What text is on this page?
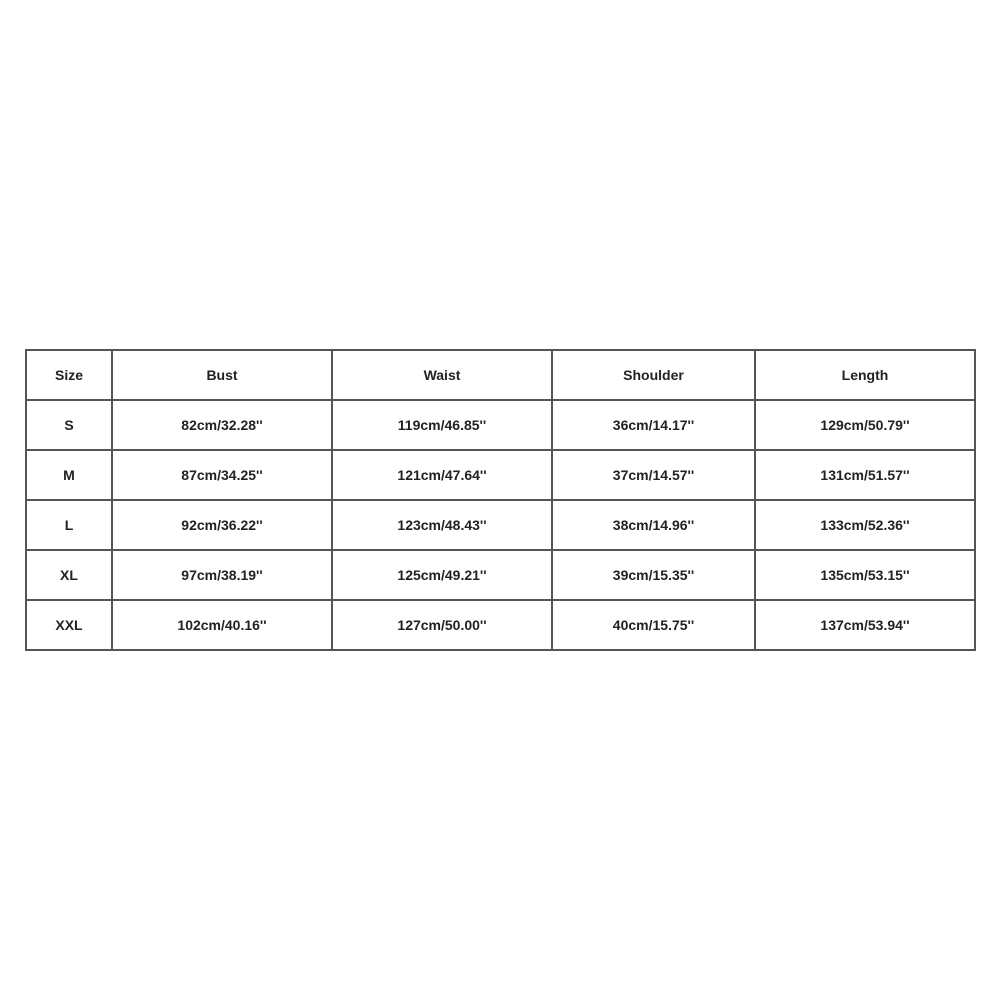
Size	Bust	Waist	Shoulder	Length
S	82cm/32.28''	119cm/46.85''	36cm/14.17''	129cm/50.79''
M	87cm/34.25''	121cm/47.64''	37cm/14.57''	131cm/51.57''
L	92cm/36.22''	123cm/48.43''	38cm/14.96''	133cm/52.36''
XL	97cm/38.19''	125cm/49.21''	39cm/15.35''	135cm/53.15''
XXL	102cm/40.16''	127cm/50.00''	40cm/15.75''	137cm/53.94''
